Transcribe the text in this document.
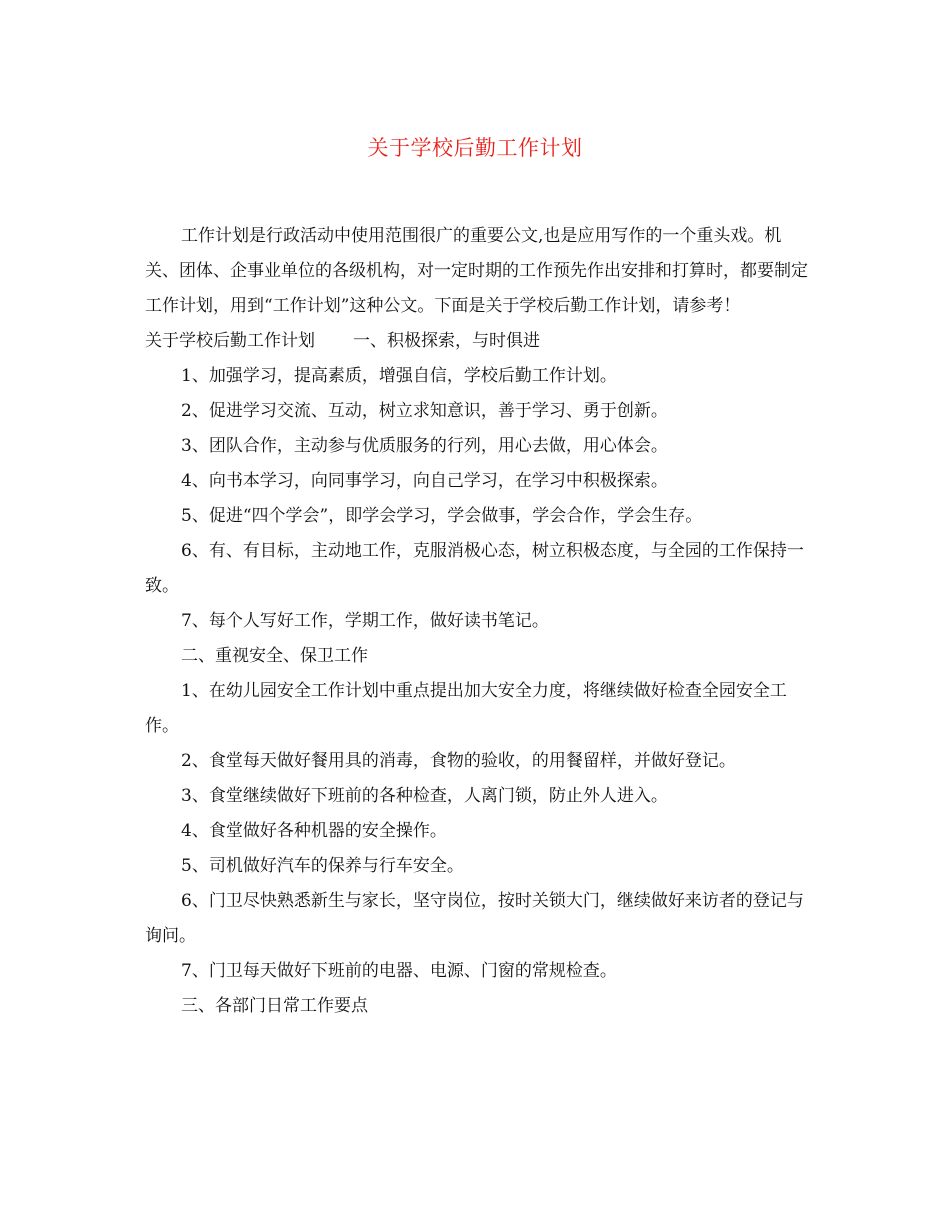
关于学校后勤工作计划

工作计划是行政活动中使用范围很广的重要公文,也是应用写作的一个重头戏。机关、团体、企事业单位的各级机构，对一定时期的工作预先作出安排和打算时，都要制定工作计划，用到“工作计划”这种公文。下面是关于学校后勤工作计划，请参考！

关于学校后勤工作计划 一、积极探索，与时俱进

1、加强学习，提高素质，增强自信，学校后勤工作计划。

2、促进学习交流、互动，树立求知意识，善于学习、勇于创新。

3、团队合作，主动参与优质服务的行列，用心去做，用心体会。

4、向书本学习，向同事学习，向自己学习，在学习中积极探索。

5、促进“四个学会”，即学会学习，学会做事，学会合作，学会生存。

6、有、有目标，主动地工作，克服消极心态，树立积极态度，与全园的工作保持一致。

7、每个人写好工作，学期工作，做好读书笔记。

二、重视安全、保卫工作

1、在幼儿园安全工作计划中重点提出加大安全力度，将继续做好检查全园安全工作。

2、食堂每天做好餐用具的消毒，食物的验收，的用餐留样，并做好登记。

3、食堂继续做好下班前的各种检查，人离门锁，防止外人进入。

4、食堂做好各种机器的安全操作。

5、司机做好汽车的保养与行车安全。

6、门卫尽快熟悉新生与家长，坚守岗位，按时关锁大门，继续做好来访者的登记与询问。

7、门卫每天做好下班前的电器、电源、门窗的常规检查。

三、各部门日常工作要点
